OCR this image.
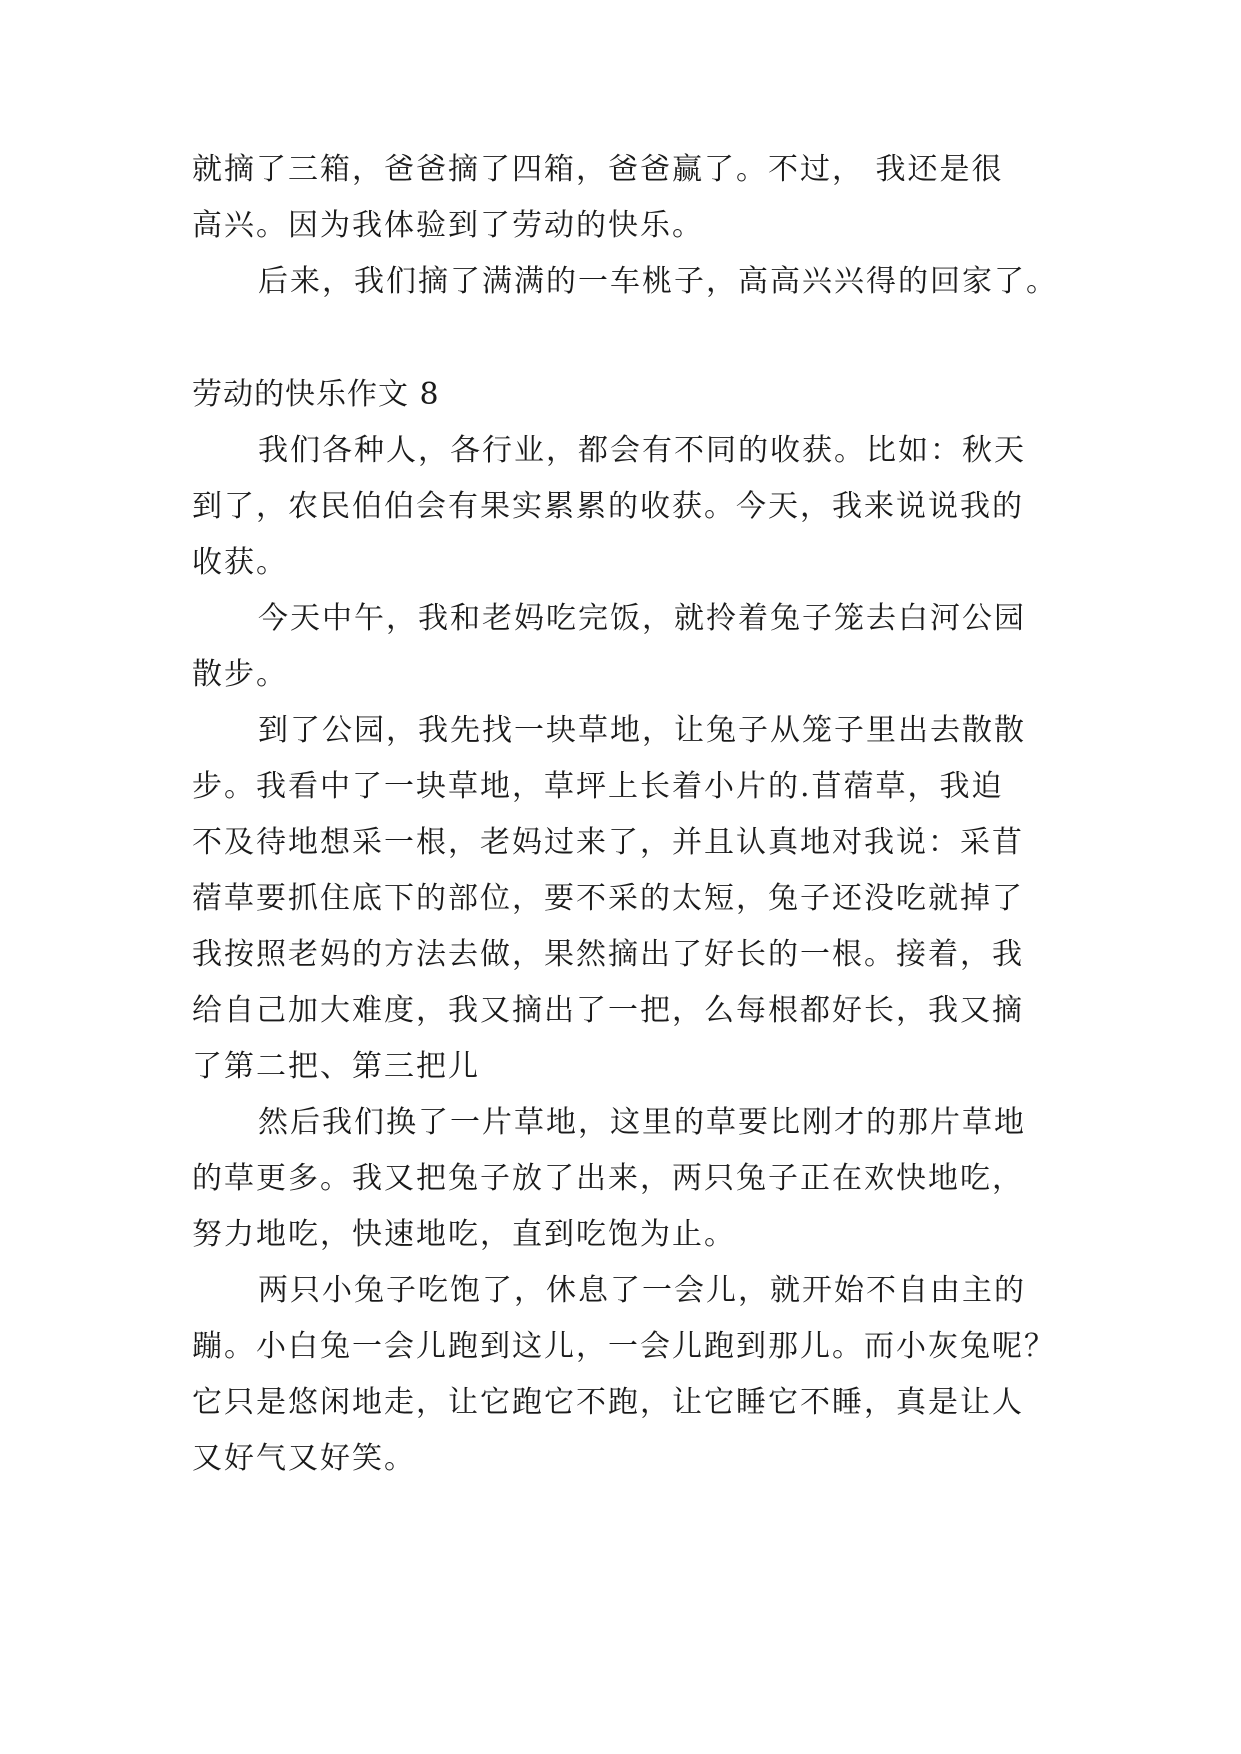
就摘了三箱，爸爸摘了四箱，爸爸赢了。不过， 我还是很
高兴。因为我体验到了劳动的快乐。
后来，我们摘了满满的一车桃子，高高兴兴得的回家了。
劳动的快乐作文 8
我们各种人，各行业，都会有不同的收获。比如：秋天
到了，农民伯伯会有果实累累的收获。今天，我来说说我的
收获。
今天中午，我和老妈吃完饭，就拎着兔子笼去白河公园
散步。
到了公园，我先找一块草地，让兔子从笼子里出去散散
步。我看中了一块草地，草坪上长着小片的.苜蓿草，我迫
不及待地想采一根，老妈过来了，并且认真地对我说：采苜
蓿草要抓住底下的部位，要不采的太短，兔子还没吃就掉了
我按照老妈的方法去做，果然摘出了好长的一根。接着，我
给自己加大难度，我又摘出了一把，么每根都好长，我又摘
了第二把、第三把儿
然后我们换了一片草地，这里的草要比刚才的那片草地
的草更多。我又把兔子放了出来，两只兔子正在欢快地吃，
努力地吃，快速地吃，直到吃饱为止。
两只小兔子吃饱了，休息了一会儿，就开始不自由主的
蹦。小白兔一会儿跑到这儿，一会儿跑到那儿。而小灰兔呢？
它只是悠闲地走，让它跑它不跑，让它睡它不睡，真是让人
又好气又好笑。
